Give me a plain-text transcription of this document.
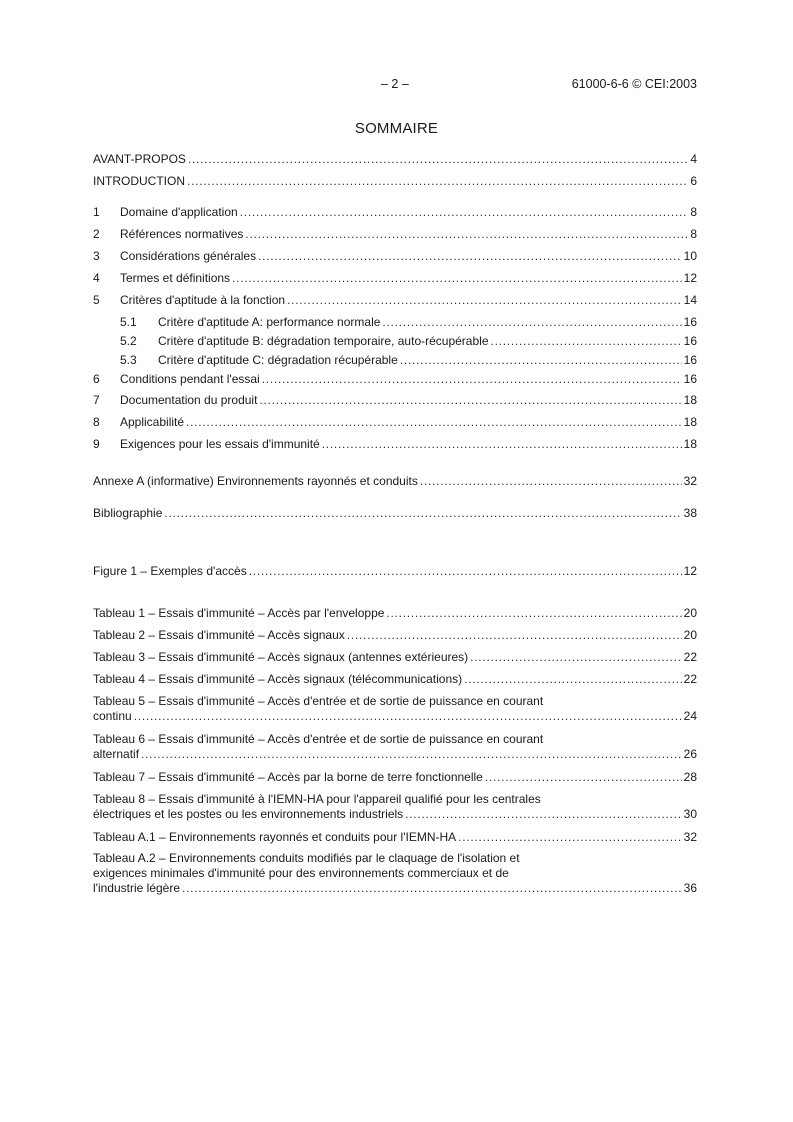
– 2 –	61000-6-6 © CEI:2003
SOMMAIRE
AVANT-PROPOS . . .	4
INTRODUCTION . . .	6
1	Domaine d'application . . .	8
2	Références normatives . . .	8
3	Considérations générales . . .	10
4	Termes et définitions . . .	12
5	Critères d'aptitude à la fonction . . .	14
5.1	Critère d'aptitude A: performance normale . . .	16
5.2	Critère d'aptitude B: dégradation temporaire, auto-récupérable . . .	16
5.3	Critère d'aptitude C: dégradation récupérable . . .	16
6	Conditions pendant l'essai . . .	16
7	Documentation du produit . . .	18
8	Applicabilité . . .	18
9	Exigences pour les essais d'immunité . . .	18
Annexe A (informative) Environnements rayonnés et conduits . . .	32
Bibliographie . . .	38
Figure 1 – Exemples d'accès . . .	12
Tableau 1 – Essais d'immunité – Accès par l'enveloppe . . .	20
Tableau 2 – Essais d'immunité – Accès signaux . . .	20
Tableau 3 – Essais d'immunité – Accès signaux (antennes extérieures) . . .	22
Tableau 4 – Essais d'immunité – Accès signaux (télécommunications) . . .	22
Tableau 5 – Essais d'immunité – Accès d'entrée et de sortie de puissance en courant
continu . . .	24
Tableau 6 – Essais d'immunité – Accès d'entrée et de sortie de puissance en courant
alternatif . . .	26
Tableau 7 – Essais d'immunité – Accès par la borne de terre fonctionnelle . . .	28
Tableau 8 – Essais d'immunité à l'IEMN-HA pour l'appareil qualifié pour les centrales
électriques et les postes ou les environnements industriels . . .	30
Tableau A.1 – Environnements rayonnés et conduits pour l'IEMN-HA . . .	32
Tableau A.2 – Environnements conduits modifiés par le claquage de l'isolation et
exigences minimales d'immunité pour des environnements commerciaux et de
l'industrie légère . . .	36
